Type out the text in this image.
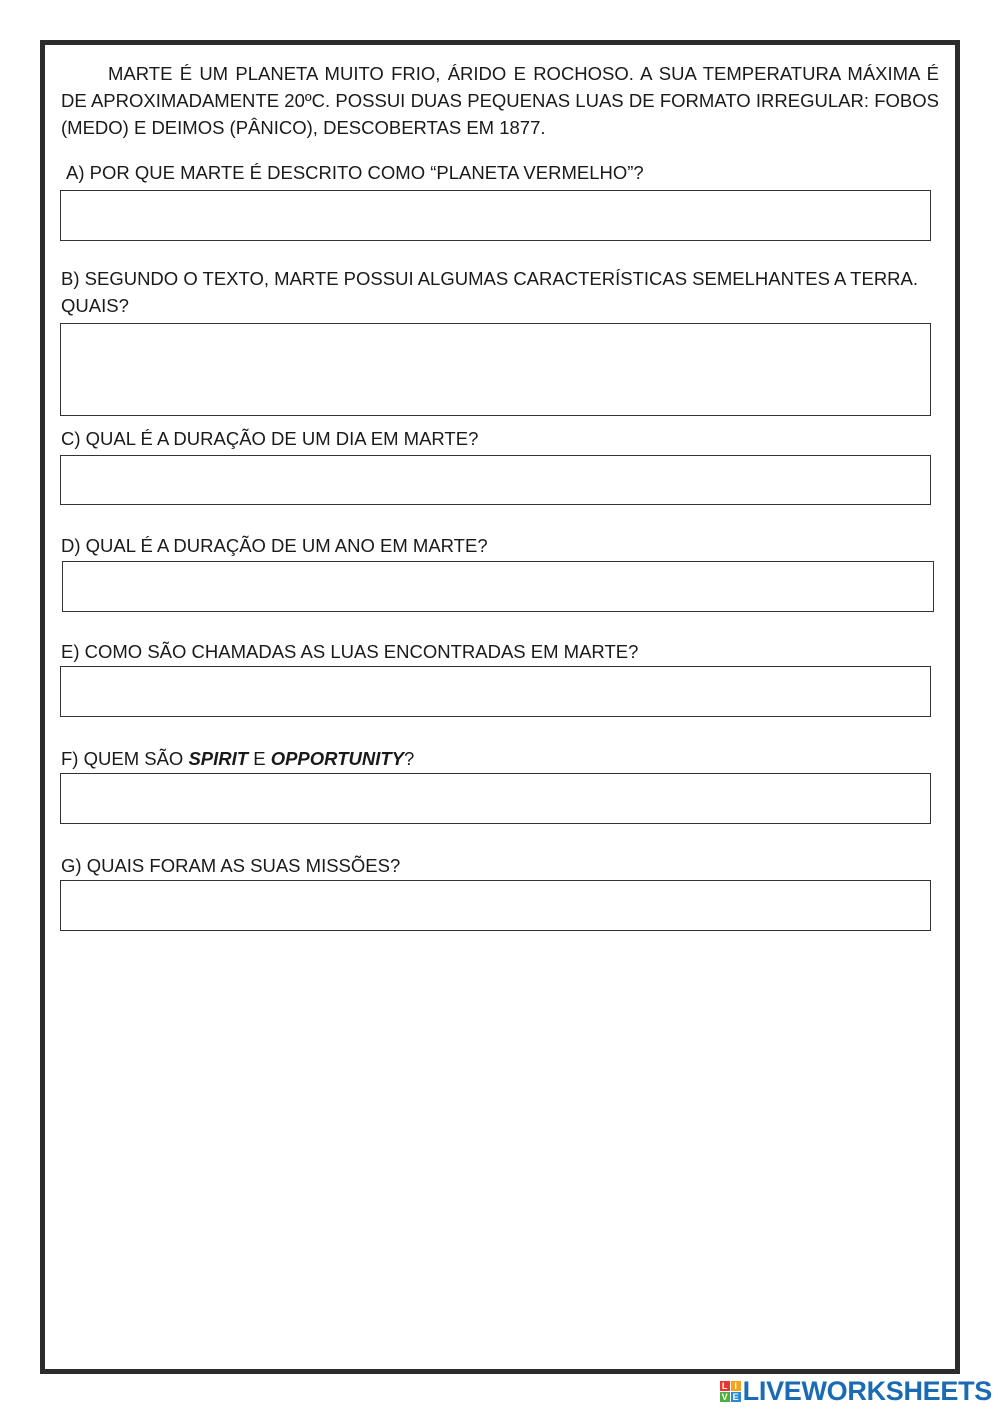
MARTE É UM PLANETA MUITO FRIO, ÁRIDO E ROCHOSO. A SUA TEMPERATURA MÁXIMA É DE APROXIMADAMENTE 20ºC. POSSUI DUAS PEQUENAS LUAS DE FORMATO IRREGULAR: FOBOS (MEDO) E DEIMOS (PÂNICO), DESCOBERTAS EM 1877.

A) POR QUE MARTE É DESCRITO COMO “PLANETA VERMELHO”?

B) SEGUNDO O TEXTO, MARTE POSSUI ALGUMAS CARACTERÍSTICAS SEMELHANTES A TERRA. QUAIS?

C) QUAL É A DURAÇÃO DE UM DIA EM MARTE?

D) QUAL É A DURAÇÃO DE UM ANO EM MARTE?

E) COMO SÃO CHAMADAS AS LUAS ENCONTRADAS EM MARTE?

F) QUEM SÃO SPIRIT E OPPORTUNITY?

G) QUAIS FORAM AS SUAS MISSÕES?

L I
V E LIVEWORKSHEETS
